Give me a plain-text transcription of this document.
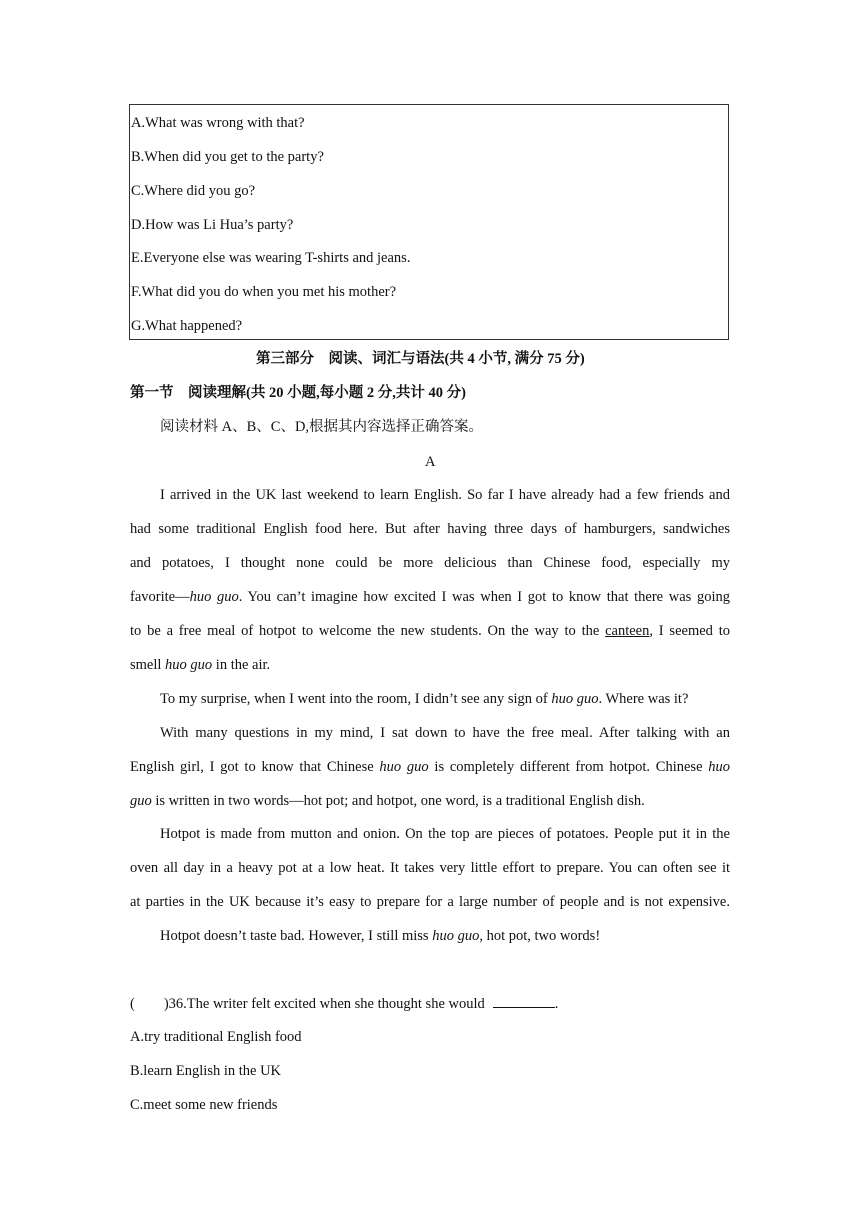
A.What was wrong with that?
B.When did you get to the party?
C.Where did you go?
D.How was Li Hua’s party?
E.Everyone else was wearing T-shirts and jeans.
F.What did you do when you met his mother?
G.What happened?
第三部分　阅读、词汇与语法(共 4 小节, 满分 75 分)
第一节　阅读理解(共 20 小题,每小题 2 分,共计 40 分)
阅读材料 A、B、C、D,根据其内容选择正确答案。
A
I arrived in the UK last weekend to learn English. So far I have already had a few friends and
had some traditional English food here. But after having three days of hamburgers, sandwiches
and potatoes, I thought none could be more delicious than Chinese food, especially my
favorite—huo guo. You can’t imagine how excited I was when I got to know that there was going
to be a free meal of hotpot to welcome the new students. On the way to the canteen, I seemed to
smell huo guo in the air.
To my surprise, when I went into the room, I didn’t see any sign of huo guo. Where was it?
With many questions in my mind, I sat down to have the free meal. After talking with an
English girl, I got to know that Chinese huo guo is completely different from hotpot. Chinese huo
guo is written in two words—hot pot; and hotpot, one word, is a traditional English dish.
Hotpot is made from mutton and onion. On the top are pieces of potatoes. People put it in the
oven all day in a heavy pot at a low heat. It takes very little effort to prepare. You can often see it
at parties in the UK because it’s easy to prepare for a large number of people and is not expensive.
Hotpot doesn’t taste bad. However, I still miss huo guo, hot pot, two words!
(　　)36.The writer felt excited when she thought she would	.
A.try traditional English food
B.learn English in the UK
C.meet some new friends
